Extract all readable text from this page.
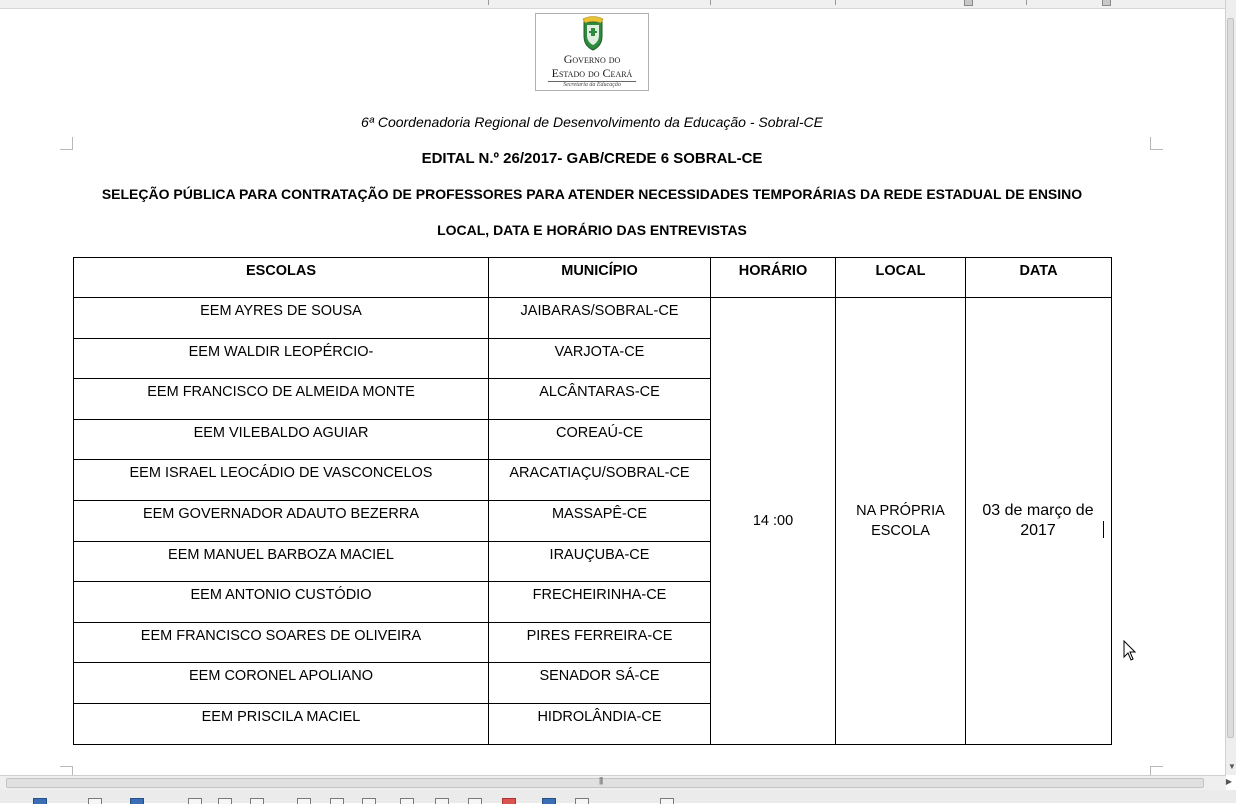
▼
Governo do
Estado do Ceará
Secretaria da Educação
6ª Coordenadoria Regional de Desenvolvimento da Educação - Sobral-CE
EDITAL N.º 26/2017- GAB/CREDE 6 SOBRAL-CE
SELEÇÃO PÚBLICA PARA CONTRATAÇÃO DE PROFESSORES PARA ATENDER NECESSIDADES TEMPORÁRIAS DA REDE ESTADUAL DE ENSINO
LOCAL, DATA E HORÁRIO DAS ENTREVISTAS
ESCOLAS	MUNICÍPIO	HORÁRIO	LOCAL	DATA
EEM AYRES DE SOUSA	JAIBARAS/SOBRAL-CE	14 :00	NA PRÓPRIA ESCOLA	03 de março de 2017
EEM WALDIR LEOPÉRCIO-	VARJOTA-CE			
EEM FRANCISCO DE ALMEIDA MONTE	ALCÂNTARAS-CE			
EEM VILEBALDO AGUIAR	COREAÚ-CE			
EEM ISRAEL LEOCÁDIO DE VASCONCELOS	ARACATIAÇU/SOBRAL-CE			
EEM GOVERNADOR ADAUTO BEZERRA	MASSAPÊ-CE			
EEM MANUEL BARBOZA MACIEL	IRAUÇUBA-CE			
EEM ANTONIO CUSTÓDIO	FRECHEIRINHA-CE			
EEM FRANCISCO SOARES DE OLIVEIRA	PIRES FERREIRA-CE			
EEM CORONEL APOLIANO	SENADOR SÁ-CE			
EEM PRISCILA MACIEL	HIDROLÂNDIA-CE			
|||	▶
